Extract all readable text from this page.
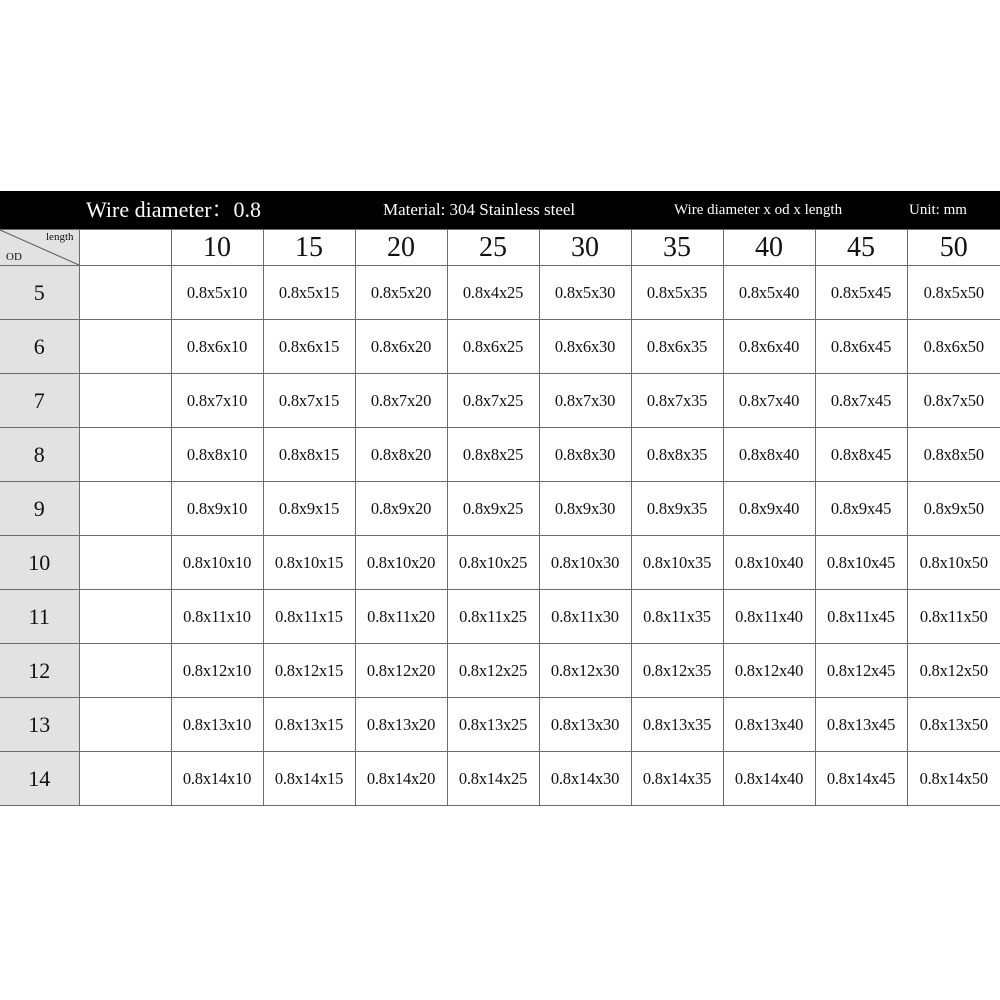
Wire diameter：0.8	Material: 304 Stainless steel	Wire diameter x od x length	Unit: mm
length
OD		10	15	20	25	30	35	40	45	50
5		0.8x5x10	0.8x5x15	0.8x5x20	0.8x4x25	0.8x5x30	0.8x5x35	0.8x5x40	0.8x5x45	0.8x5x50
6		0.8x6x10	0.8x6x15	0.8x6x20	0.8x6x25	0.8x6x30	0.8x6x35	0.8x6x40	0.8x6x45	0.8x6x50
7		0.8x7x10	0.8x7x15	0.8x7x20	0.8x7x25	0.8x7x30	0.8x7x35	0.8x7x40	0.8x7x45	0.8x7x50
8		0.8x8x10	0.8x8x15	0.8x8x20	0.8x8x25	0.8x8x30	0.8x8x35	0.8x8x40	0.8x8x45	0.8x8x50
9		0.8x9x10	0.8x9x15	0.8x9x20	0.8x9x25	0.8x9x30	0.8x9x35	0.8x9x40	0.8x9x45	0.8x9x50
10		0.8x10x10	0.8x10x15	0.8x10x20	0.8x10x25	0.8x10x30	0.8x10x35	0.8x10x40	0.8x10x45	0.8x10x50
11		0.8x11x10	0.8x11x15	0.8x11x20	0.8x11x25	0.8x11x30	0.8x11x35	0.8x11x40	0.8x11x45	0.8x11x50
12		0.8x12x10	0.8x12x15	0.8x12x20	0.8x12x25	0.8x12x30	0.8x12x35	0.8x12x40	0.8x12x45	0.8x12x50
13		0.8x13x10	0.8x13x15	0.8x13x20	0.8x13x25	0.8x13x30	0.8x13x35	0.8x13x40	0.8x13x45	0.8x13x50
14		0.8x14x10	0.8x14x15	0.8x14x20	0.8x14x25	0.8x14x30	0.8x14x35	0.8x14x40	0.8x14x45	0.8x14x50
